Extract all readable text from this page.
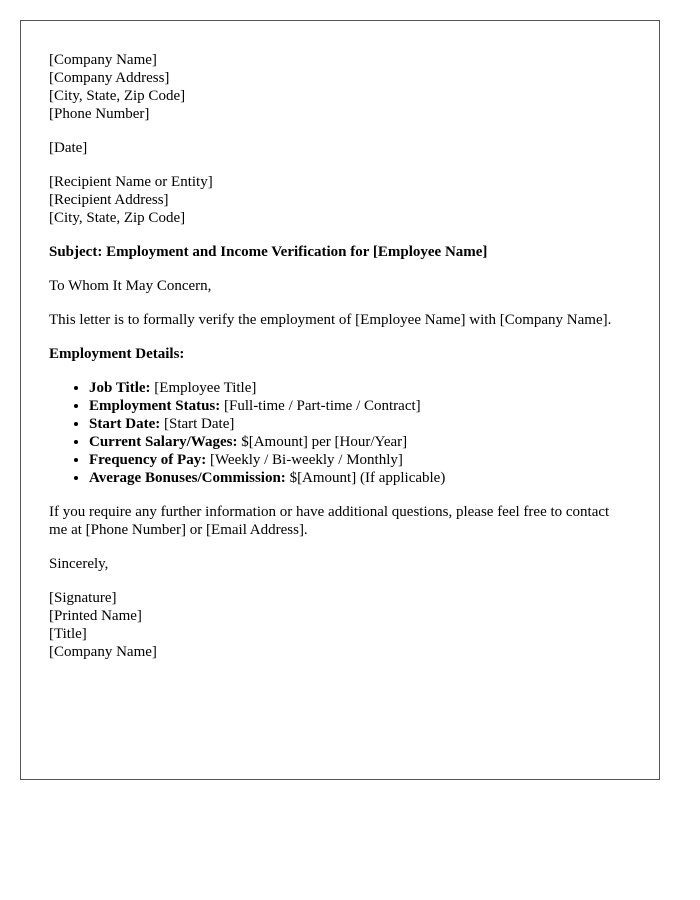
[Company Name]
[Company Address]
[City, State, Zip Code]
[Phone Number]
[Date]
[Recipient Name or Entity]
[Recipient Address]
[City, State, Zip Code]

Subject: Employment and Income Verification for [Employee Name]

To Whom It May Concern,

This letter is to formally verify the employment of [Employee Name] with [Company Name].

Employment Details:

• Job Title: [Employee Title]
• Employment Status: [Full-time / Part-time / Contract]
• Start Date: [Start Date]
• Current Salary/Wages: $[Amount] per [Hour/Year]
• Frequency of Pay: [Weekly / Bi-weekly / Monthly]
• Average Bonuses/Commission: $[Amount] (If applicable)

If you require any further information or have additional questions, please feel free to contact me at [Phone Number] or [Email Address].

Sincerely,

[Signature]
[Printed Name]
[Title]
[Company Name]
